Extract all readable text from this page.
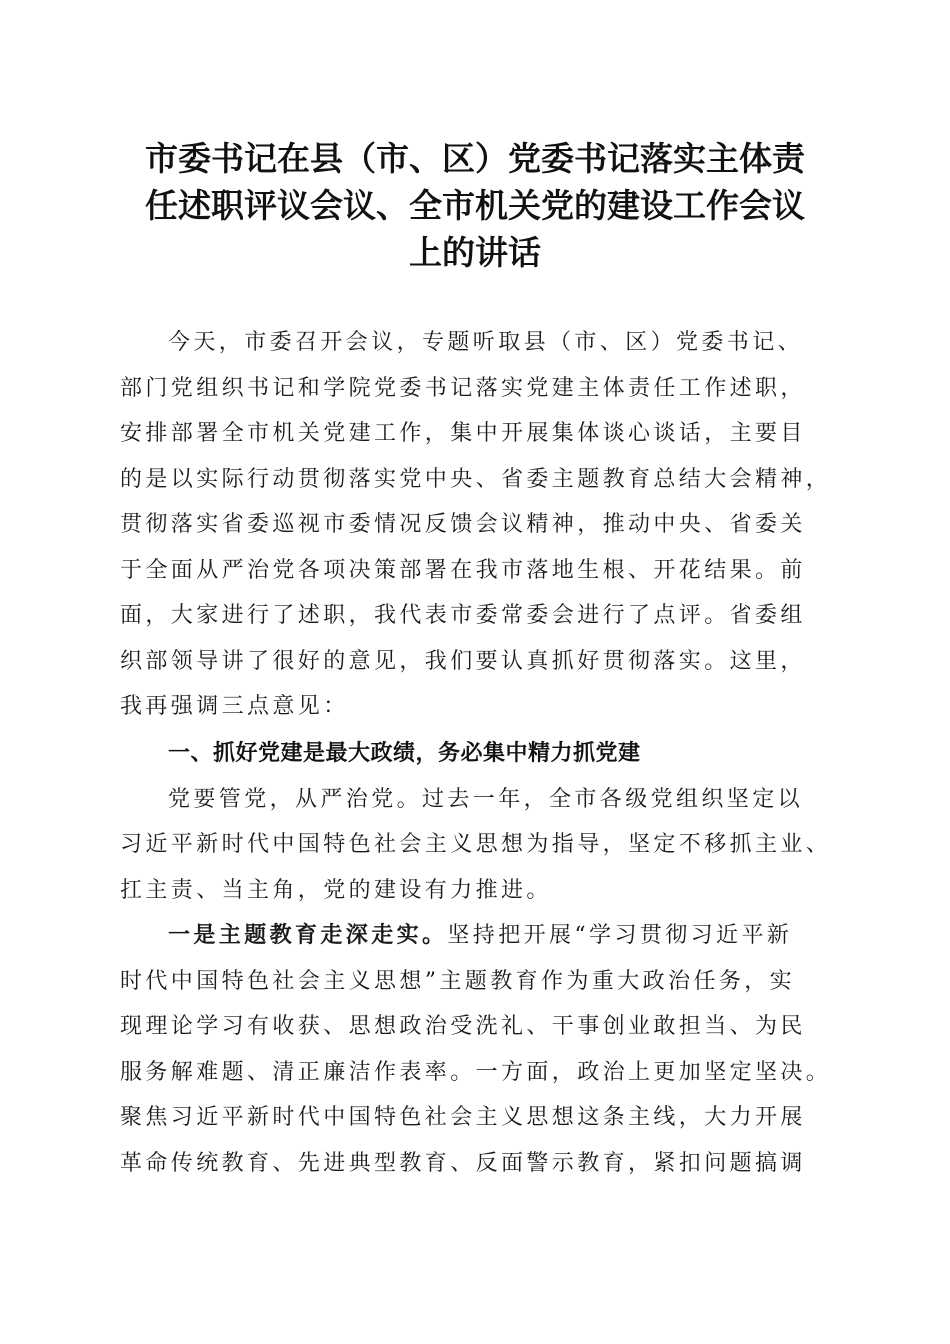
市委书记在县（市、区）党委书记落实主体责
任述职评议会议、全市机关党的建设工作会议
上的讲话
今天，市委召开会议，专题听取县（市、区）党委书记、
部门党组织书记和学院党委书记落实党建主体责任工作述职，
安排部署全市机关党建工作，集中开展集体谈心谈话，主要目
的是以实际行动贯彻落实党中央、省委主题教育总结大会精神，
贯彻落实省委巡视市委情况反馈会议精神，推动中央、省委关
于全面从严治党各项决策部署在我市落地生根、开花结果。前
面，大家进行了述职，我代表市委常委会进行了点评。省委组
织部领导讲了很好的意见，我们要认真抓好贯彻落实。这里，
我再强调三点意见：
一、抓好党建是最大政绩，务必集中精力抓党建
党要管党，从严治党。过去一年，全市各级党组织坚定以
习近平新时代中国特色社会主义思想为指导，坚定不移抓主业、
扛主责、当主角，党的建设有力推进。
一是主题教育走深走实。坚持把开展“学习贯彻习近平新
时代中国特色社会主义思想”主题教育作为重大政治任务，实
现理论学习有收获、思想政治受洗礼、干事创业敢担当、为民
服务解难题、清正廉洁作表率。一方面，政治上更加坚定坚决。
聚焦习近平新时代中国特色社会主义思想这条主线，大力开展
革命传统教育、先进典型教育、反面警示教育，紧扣问题搞调
